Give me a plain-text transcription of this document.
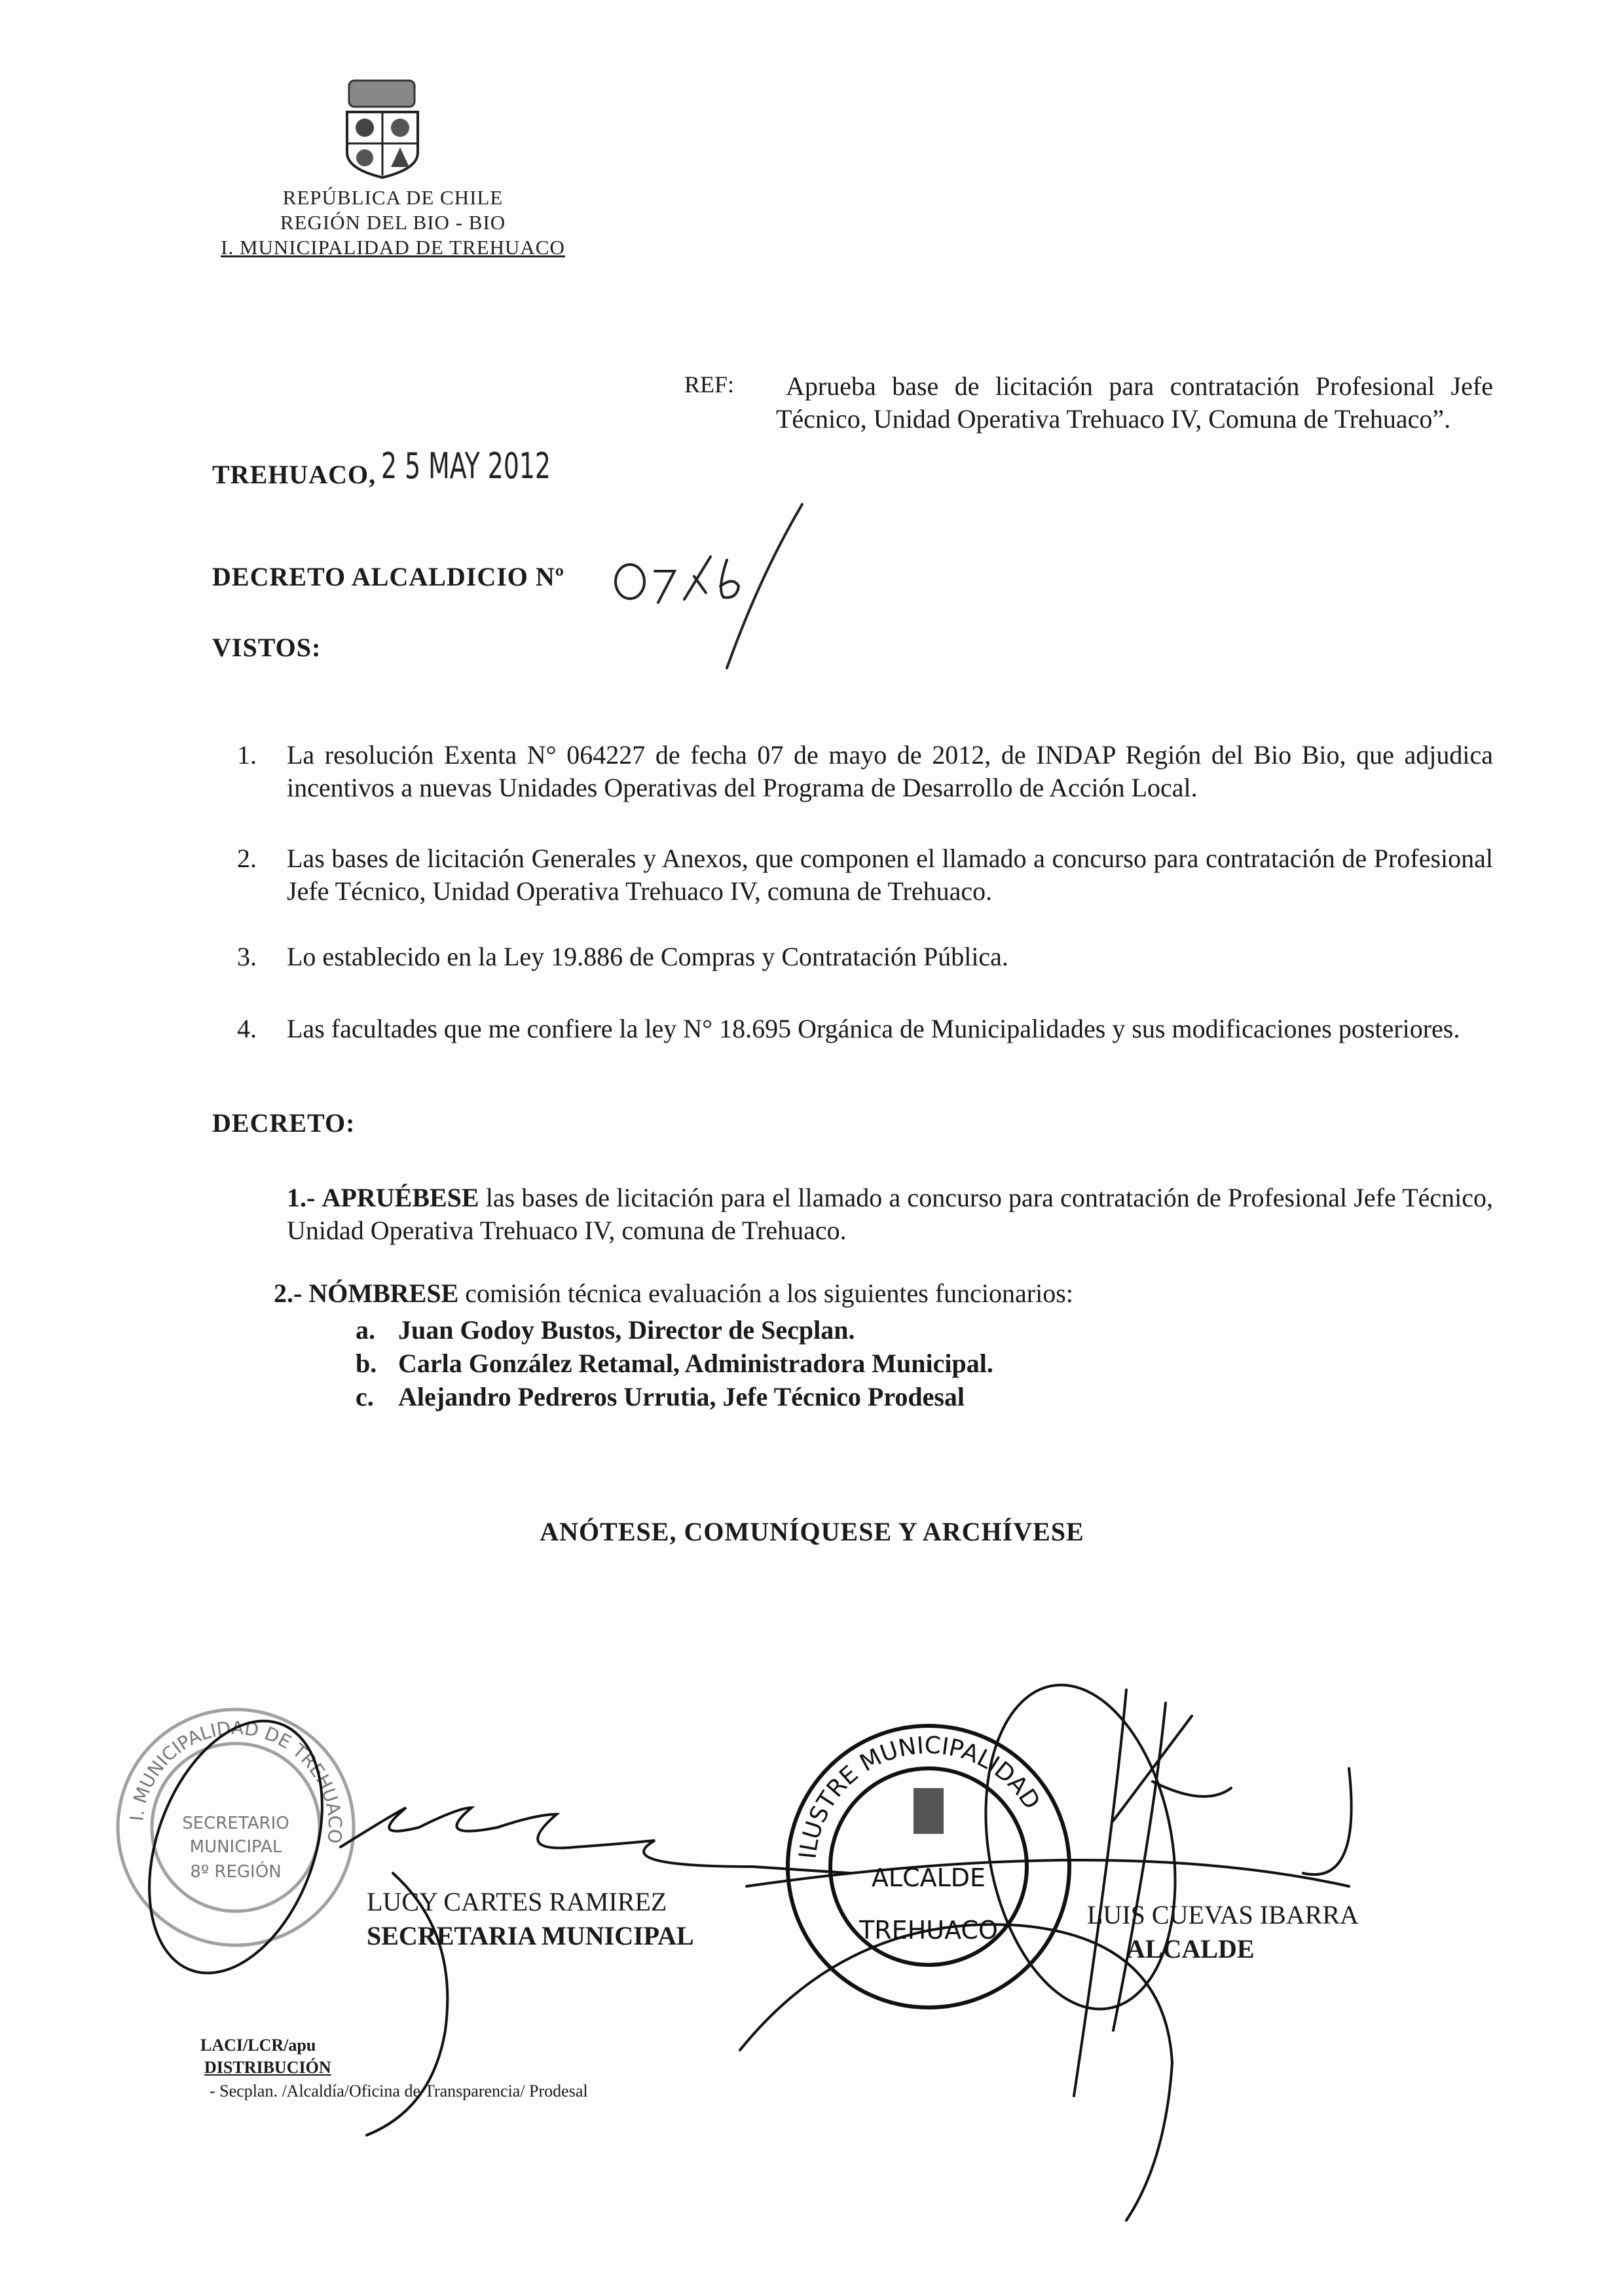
REPÚBLICA DE CHILE
REGIÓN DEL BIO - BIO
I. MUNICIPALIDAD DE TREHUACO
REF: Aprueba base de licitación para contratación Profesional Jefe
Técnico, Unidad Operativa Trehuaco IV, Comuna de Trehuaco”.
TREHUACO, 2 5 MAY 2012
DECRETO ALCALDICIO Nº
VISTOS:
1. La resolución Exenta N° 064227 de fecha 07 de mayo de 2012, de INDAP Región del Bio Bio, que adjudica incentivos a nuevas Unidades Operativas del Programa de Desarrollo de Acción Local.
2. Las bases de licitación Generales y Anexos, que componen el llamado a concurso para contratación de Profesional Jefe Técnico, Unidad Operativa Trehuaco IV, comuna de Trehuaco.
3. Lo establecido en la Ley 19.886 de Compras y Contratación Pública.
4. Las facultades que me confiere la ley N° 18.695 Orgánica de Municipalidades y sus modificaciones posteriores.
DECRETO:
1.- APRUÉBESE las bases de licitación para el llamado a concurso para contratación de Profesional Jefe Técnico, Unidad Operativa Trehuaco IV, comuna de Trehuaco.
2.- NÓMBRESE comisión técnica evaluación a los siguientes funcionarios:
a. Juan Godoy Bustos, Director de Secplan.
b. Carla González Retamal, Administradora Municipal.
c. Alejandro Pedreros Urrutia, Jefe Técnico Prodesal
ANÓTESE, COMUNÍQUESE Y ARCHÍVESE
I. MUNICIPALIDAD DE TREHUACO
SECRETARIO
MUNICIPAL
8º REGIÓN
ILUSTRE MUNICIPALIDAD
ALCALDE
TREHUACO
LUCY CARTES RAMIREZ
SECRETARIA MUNICIPAL
LUIS CUEVAS IBARRA
ALCALDE
LACI/LCR/apu
DISTRIBUCIÓN
- Secplan. /Alcaldía/Oficina de Transparencia/ Prodesal
